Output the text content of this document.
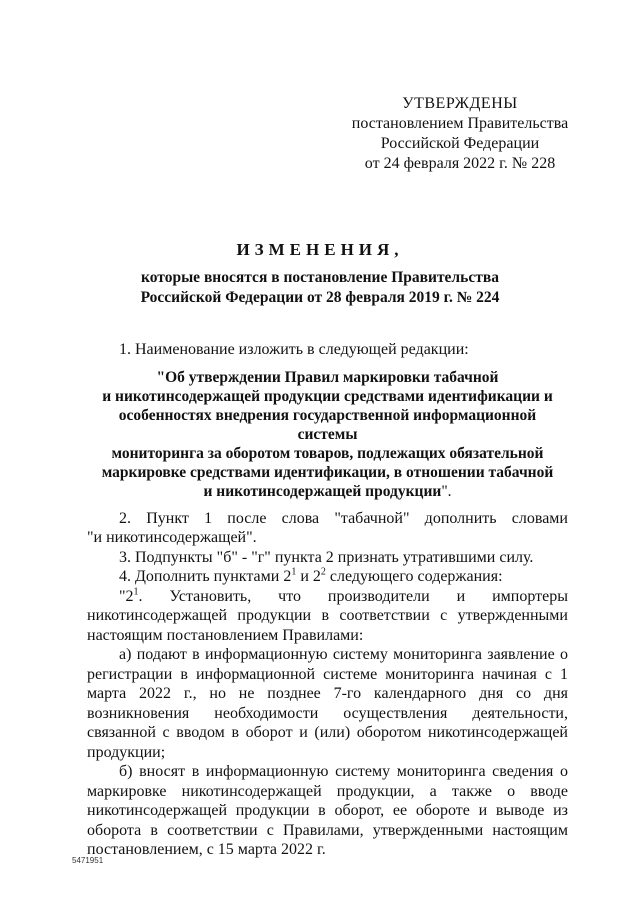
УТВЕРЖДЕНЫ
постановлением Правительства
Российской Федерации
от 24 февраля 2022 г. № 228
ИЗМЕНЕНИЯ,
которые вносятся в постановление Правительства
Российской Федерации от 28 февраля 2019 г. № 224

1. Наименование изложить в следующей редакции:

"Об утверждении Правил маркировки табачной
и никотинсодержащей продукции средствами идентификации и
особенностях внедрения государственной информационной системы
мониторинга за оборотом товаров, подлежащих обязательной
маркировке средствами идентификации, в отношении табачной
и никотинсодержащей продукции".

2. Пункт 1 после слова "табачной" дополнить словами

"и никотинсодержащей".

3. Подпункты "б" - "г" пункта 2 признать утратившими силу.

4. Дополнить пунктами $2^1$ и $2^2$ следующего содержания:

"$2^1$. Установить, что производители и импортеры

никотинсодержащей продукции в соответствии с утвержденными

настоящим постановлением Правилами:

а) подают в информационную систему мониторинга заявление о регистрации в информационной системе мониторинга начиная с 1 марта 2022 г., но не позднее 7-го календарного дня со дня возникновения необходимости осуществления деятельности, связанной с вводом в оборот и (или) оборотом никотинсодержащей продукции;

б) вносят в информационную систему мониторинга сведения о маркировке никотинсодержащей продукции, а также о вводе никотинсодержащей продукции в оборот, ее обороте и выводе из оборота в соответствии с Правилами, утвержденными настоящим постановлением, с 15 марта 2022 г.

5471951
